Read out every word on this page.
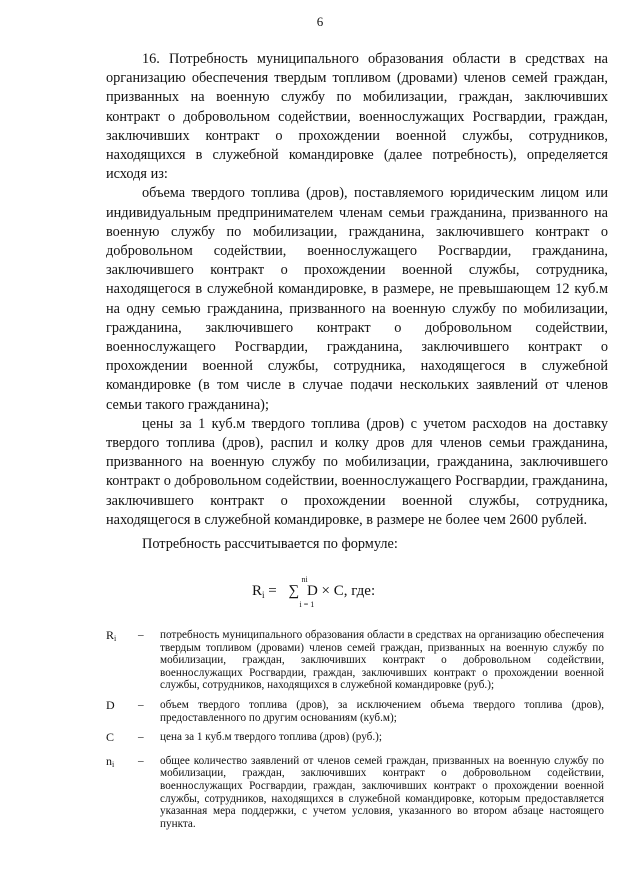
6

16. Потребность муниципального образования области в средствах на организацию обеспечения твердым топливом (дровами) членов семей граждан, призванных на военную службу по мобилизации, граждан, заключивших контракт о добровольном содействии, военнослужащих Росгвардии, граждан, заключивших контракт о прохождении военной службы, сотрудников, находящихся в служебной командировке (далее потребность), определяется исходя из:

объема твердого топлива (дров), поставляемого юридическим лицом или индивидуальным предпринимателем членам семьи гражданина, призванного на военную службу по мобилизации, гражданина, заключившего контракт о добровольном содействии, военнослужащего Росгвардии, гражданина, заключившего контракт о прохождении военной службы, сотрудника, находящегося в служебной командировке, в размере, не превышающем 12 куб.м на одну семью гражданина, призванного на военную службу по мобилизации, гражданина, заключившего контракт о добровольном содействии, военнослужащего Росгвардии, гражданина, заключившего контракт о прохождении военной службы, сотрудника, находящегося в служебной командировке (в том числе в случае подачи нескольких заявлений от членов семьи такого гражданина);

цены за 1 куб.м твердого топлива (дров) с учетом расходов на доставку твердого топлива (дров), распил и колку дров для членов семьи гражданина, призванного на военную службу по мобилизации, гражданина, заключившего контракт о добровольном содействии, военнослужащего Росгвардии, гражданина, заключившего контракт о прохождении военной службы, сотрудника, находящегося в служебной командировке, в размере не более чем 2600 рублей.

Потребность рассчитывается по формуле:

$R_i$ = ∑
ni
i = 1
D × C, где:
$R_i$	–	потребность муниципального образования области в средствах на организацию обеспечения твердым топливом (дровами) членов семей граждан, призванных на военную службу по мобилизации, граждан, заключивших контракт о добровольном содействии, военнослужащих Росгвардии, граждан, заключивших контракт о прохождении военной службы, сотрудников, находящихся в служебной командировке (руб.);
D	–	объем твердого топлива (дров), за исключением объема твердого топлива (дров), предоставленного по другим основаниям (куб.м);
C	–	цена за 1 куб.м твердого топлива (дров) (руб.);
$n_i$	–	общее количество заявлений от членов семей граждан, призванных на военную службу по мобилизации, граждан, заключивших контракт о добровольном содействии, военнослужащих Росгвардии, граждан, заключивших контракт о прохождении военной службы, сотрудников, находящихся в служебной командировке, которым предоставляется указанная мера поддержки, с учетом условия, указанного во втором абзаце настоящего пункта.
